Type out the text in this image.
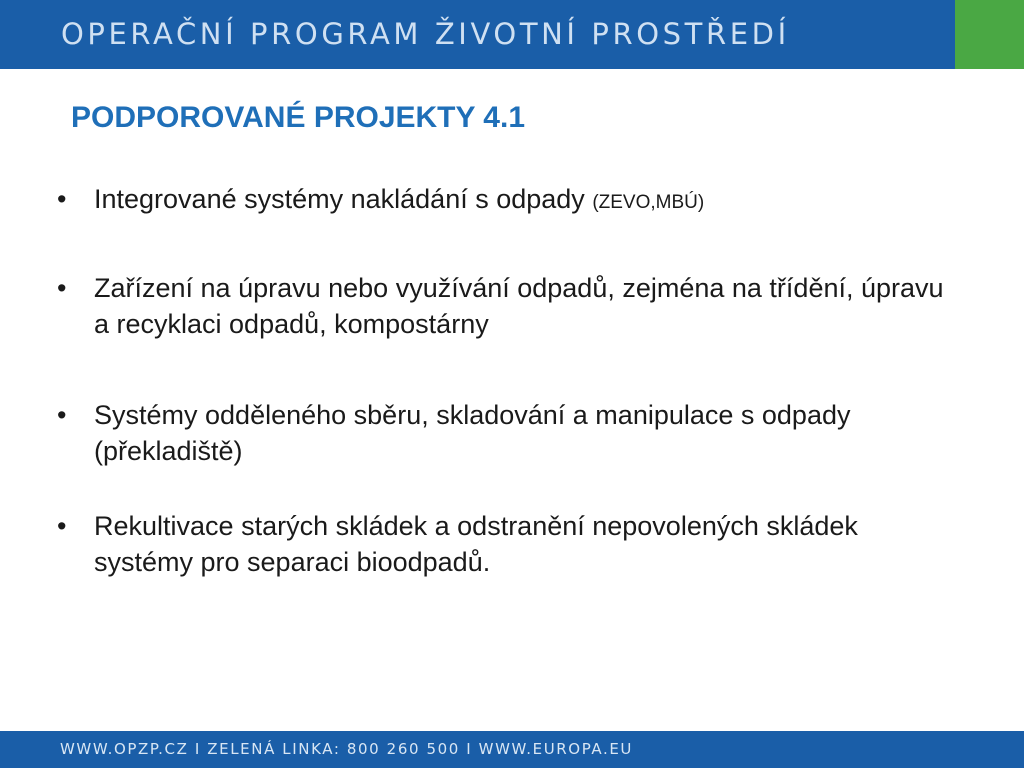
OPERAČNÍ PROGRAM ŽIVOTNÍ PROSTŘEDÍ
PODPOROVANÉ PROJEKTY 4.1
•	Integrované systémy nakládání s odpady (ZEVO,MBÚ)
•	Zařízení na úpravu nebo využívání odpadů, zejména na třídění, úpravu a recyklaci odpadů, kompostárny
•	Systémy odděleného sběru, skladování a manipulace s odpady (překladiště)
•	Rekultivace starých skládek a odstranění nepovolených skládek systémy pro separaci bioodpadů.
WWW.OPZP.CZ I ZELENÁ LINKA: 800 260 500 I WWW.EUROPA.EU
